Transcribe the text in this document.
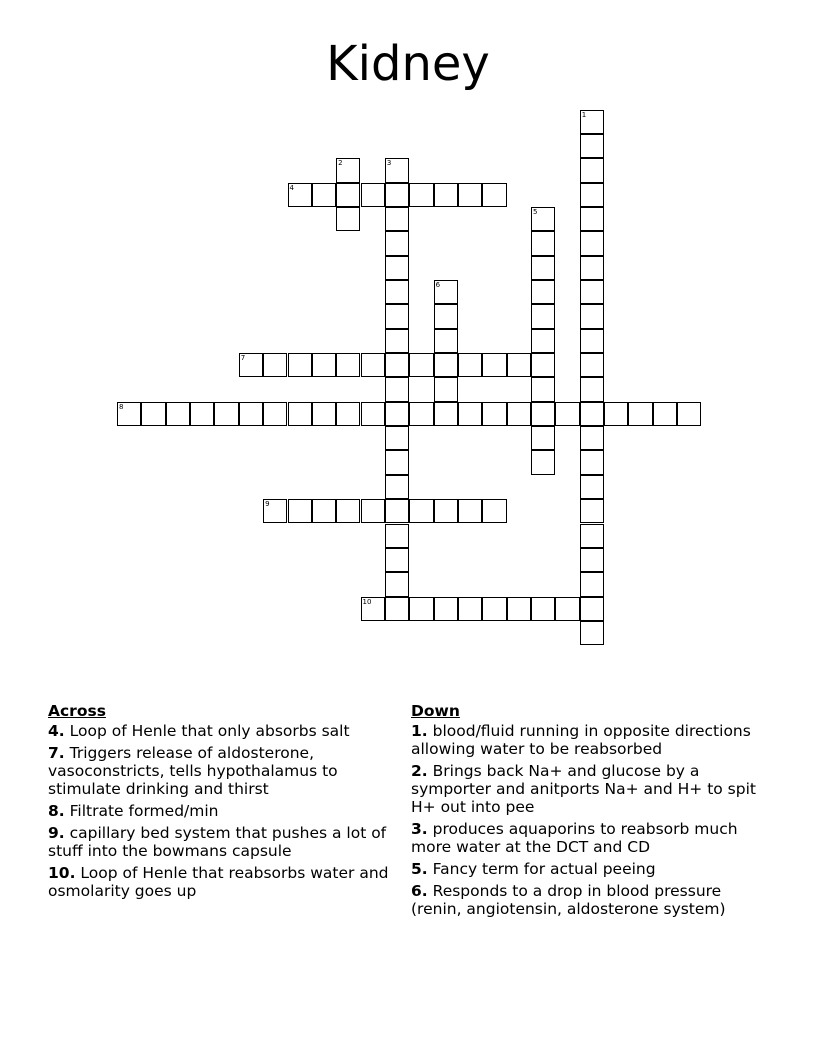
Kidney
4
7
8
9
10
1
2	3
5
6
Across
4. Loop of Henle that only absorbs salt
7. Triggers release of aldosterone, vasoconstricts, tells hypothalamus to stimulate drinking and thirst
8. Filtrate formed/min
9. capillary bed system that pushes a lot of stuff into the bowmans capsule
10. Loop of Henle that reabsorbs water and osmolarity goes up
Down
1. blood/fluid running in opposite directions allowing water to be reabsorbed
2. Brings back Na+ and glucose by a symporter and anitports Na+ and H+ to spit H+ out into pee
3. produces aquaporins to reabsorb much more water at the DCT and CD
5. Fancy term for actual peeing
6. Responds to a drop in blood pressure (renin, angiotensin, aldosterone system)
